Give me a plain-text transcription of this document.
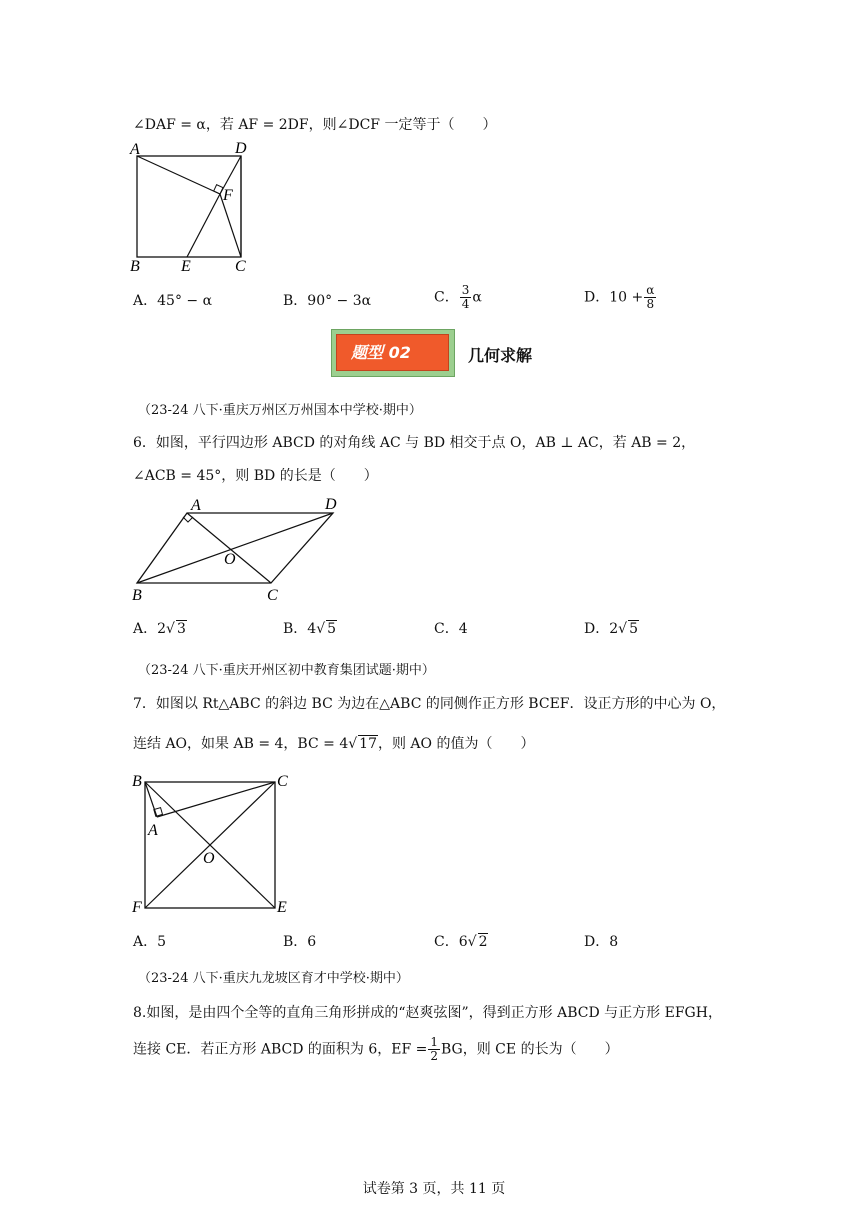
∠DAF = α，若 AF = 2DF，则∠DCF 一定等于（　　）
A	D
F
B	E	C
A．45° − α	B．90° − 3α	C． $\frac{3}{4}$ α	D．$10 + \frac{\alpha}{8}$
题型 02	几何求解
（23-24 八下·重庆万州区万州国本中学校·期中）
6．如图，平行四边形 ABCD 的对角线 AC 与 BD 相交于点 O，AB ⊥ AC，若 AB = 2，
∠ACB = 45°，则 BD 的长是（　　）
A	D
O
B	C
A．2√ 3	B．4√ 5	C．4	D．2√ 5
（23-24 八下·重庆开州区初中教育集团试题·期中）
7．如图以 Rt△ABC 的斜边 BC 为边在△ABC 的同侧作正方形 BCEF．设正方形的中心为 O，
连结 AO，如果 AB = 4，BC = 4√ 17，则 AO 的值为（　　）
B	C
A
O
F	E
A．5	B．6	C．6√ 2	D．8
（23-24 八下·重庆九龙坡区育才中学校·期中）
8.如图，是由四个全等的直角三角形拼成的“赵爽弦图”，得到正方形 ABCD 与正方形 EFGH，
连接 CE．若正方形 ABCD 的面积为 6，EF = $\frac{1}{2}$ BG，则 CE 的长为（　　）
试卷第 3 页，共 11 页
